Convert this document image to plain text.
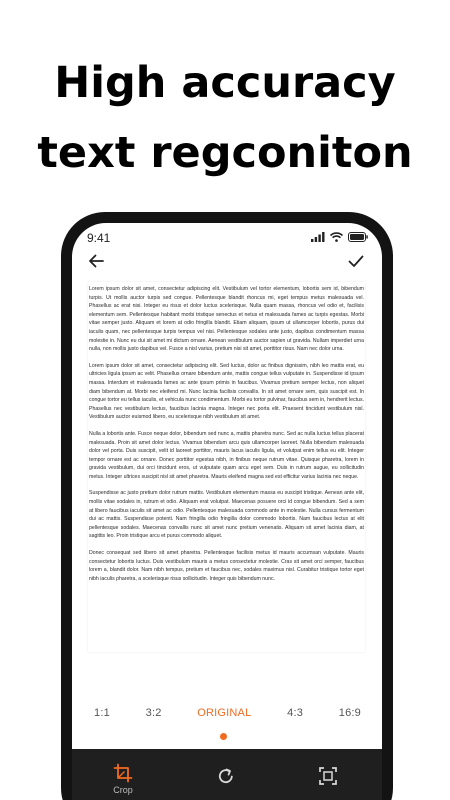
High accuracy
text regconiton
9:41

Lorem ipsum dolor sit amet, consectetur adipiscing elit. Vestibulum vel tortor elementum, lobortis sem id, bibendum turpis. Ut mollis auctor turpis sed congue. Pellentesque blandit rhoncus mi, eget tempus metus malesuada vel. Phasellus ac erat nisi. Integer eu risus et dolor luctus scelerisque. Nulla quam massa, rhoncus vel odio et, facilisis elementum sem. Pellentesque habitant morbi tristique senectus et netus et malesuada fames ac turpis egestas. Morbi vitae semper justo. Aliquam et lorem at odio fringilla blandit. Etiam aliquam, ipsum ut ullamcorper lobortis, purus dui iaculis quam, nec pellentesque turpis tempus vel nisi. Pellentesque sodales ante justo, dapibus condimentum massa molestie in. Nunc eu dui sit amet mi dictum ornare. Aenean vestibulum auctor sapien ut gravida. Nullam imperdiet urna nulla, non mollis justo dapibus vel. Fusce a nisl varius, pretium nisi sit amet, porttitor risus. Nam nec dolor urna.

Lorem ipsum dolor sit amet, consectetur adipiscing elit. Sed luctus, dolor ac finibus dignissim, nibh leo mattis erat, eu ultricies ligula ipsum ac velit. Phasellus ornare bibendum ante, mattis congue tellus vulputate in. Suspendisse id ipsum massa. Interdum et malesuada fames ac ante ipsum primis in faucibus. Vivamus pretium semper lectus, non aliquet diam bibendum at. Morbi nec eleifend mi. Nunc lacinia facilisis convallis. In sit amet ornare sem, quis suscipit est. In congue tortor eu tellus iaculis, et vehicula nunc condimentum. Morbi eu tortor pulvinar, faucibus sem in, hendrerit lectus. Phasellus nec vestibulum lectus, faucibus lacinia magna. Integer nec porta elit. Praesent tincidunt vestibulum nisl. Vestibulum auctor euismod libero, eu scelerisque nibh vestibulum sit amet.

Nulla a lobortis ante. Fusce neque dolor, bibendum sed nunc a, mattis pharetra nunc. Sed ac nulla luctus tellus placerat malesuada. Proin sit amet dolor lectus. Vivamus bibendum arcu quis ullamcorper laoreet. Nulla bibendum malesuada dolor vel porta. Duis suscipit, velit id laoreet porttitor, mauris lacus iaculis ligula, et volutpat enim tellus eu elit. Integer tempor ornare est ac ornare. Donec porttitor egestas nibh, in finibus neque rutrum vitae. Quisque pharetra, lorem in gravida vestibulum, dui orci tincidunt eros, ut vulputate quam arcu eget sem. Duis in rutrum augue, eu sollicitudin metus. Integer ultrices suscipit nisl sit amet pharetra. Mauris eleifend magna sed est efficitur varius lacinia nec neque.

Suspendisse ac justo pretium dolor rutrum mattis. Vestibulum elementum massa eu suscipit tristique. Aenean ante elit, mollis vitae sodales in, rutrum et odio. Aliquam erat volutpat. Maecenas posuere orci id congue bibendum. Sed a sem at libero faucibus iaculis sit amet ac odio. Pellentesque malesuada commodo ante in molestie. Nulla cursus fermentum dui ac mattis. Suspendisse potenti. Nam fringilla odio fringilla dolor commodo lobortis. Nam faucibus lectus at elit pellentesque sodales. Maecenas convallis nunc sit amet nunc pretium venenatis. Aliquam sit amet lacinia diam, at sagittis leo. Proin tristique arcu et purus commodo aliquet.

Donec consequat sed libero sit amet pharetra. Pellentesque facilisis metus id mauris accumsan vulputate. Mauris consectetur lobortis luctus. Duis vestibulum mauris a metus consectetur molestie. Cras sit amet orci semper, faucibus lorem a, blandit dolor. Nam nibh tempus, pretium et faucibus nec, sodales maximus nisl. Curabitur tristique tortor eget nibh iaculis pharetra, a scelerisque risus sollicitudin. Integer quis bibendum nunc.

1:1	3:2	ORIGINAL	4:3	16:9
Crop
